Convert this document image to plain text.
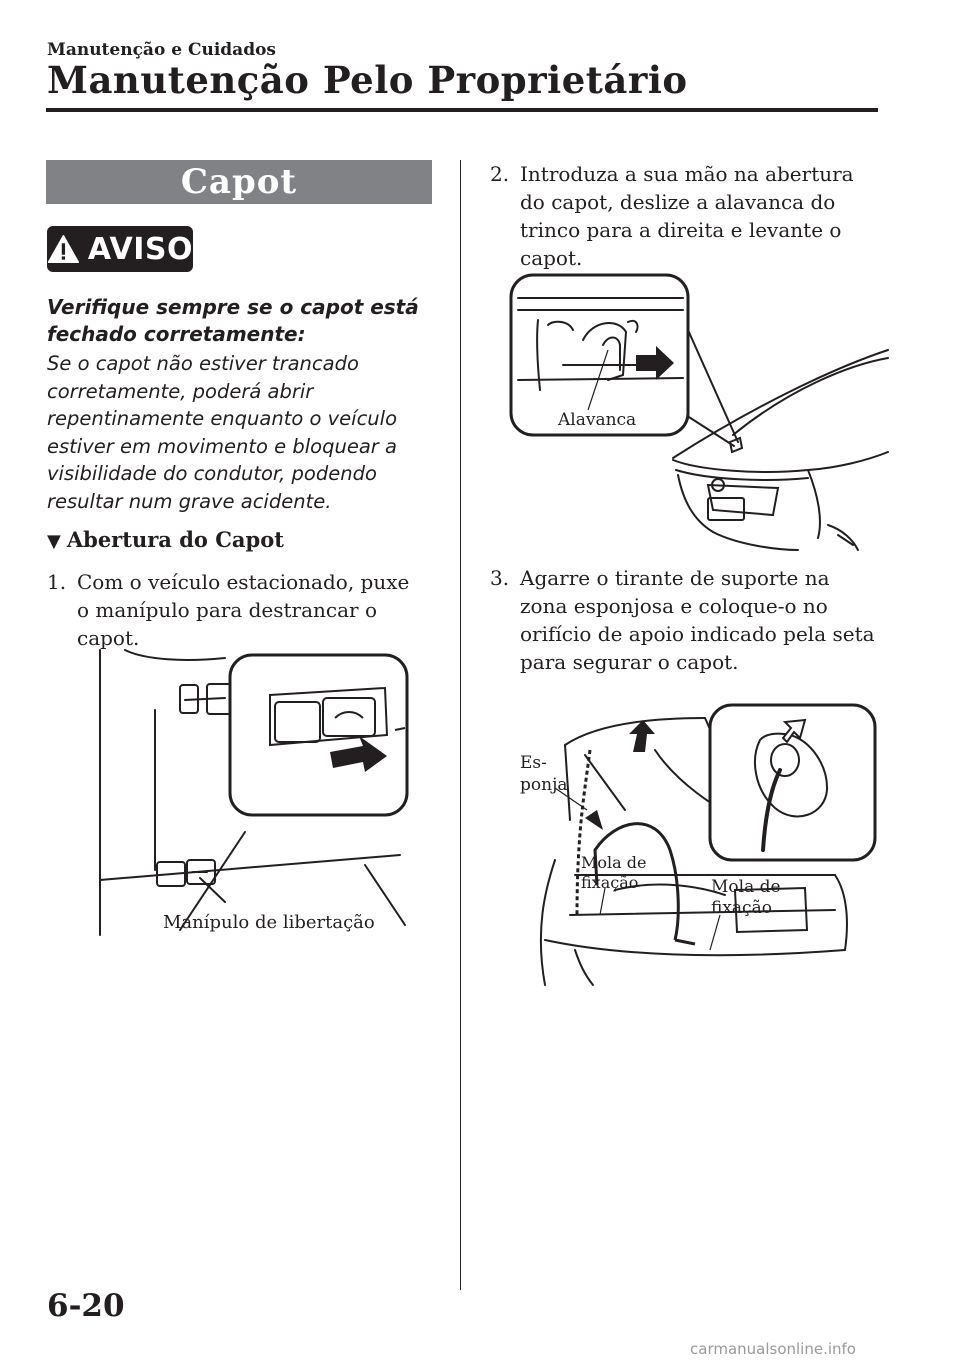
Manutenção e Cuidados
Manutenção Pelo Proprietário
Capot
AVISO
Verifique sempre se o capot está fechado corretamente:
Se o capot não estiver trancado corretamente, poderá abrir repentinamente enquanto o veículo estiver em movimento e bloquear a visibilidade do condutor, podendo resultar num grave acidente.
▼ Abertura do Capot
1. Com o veículo estacionado, puxe o manípulo para destrancar o capot.
Manípulo de libertação
2. Introduza a sua mão na abertura do capot, deslize a alavanca do trinco para a direita e levante o capot.
Alavanca
3. Agarre o tirante de suporte na zona esponjosa e coloque-o no orifício de apoio indicado pela seta para segurar o capot.
Es-
ponja
Mola de
fixação	Mola de
fixação
6-20
carmanualsonline.info
